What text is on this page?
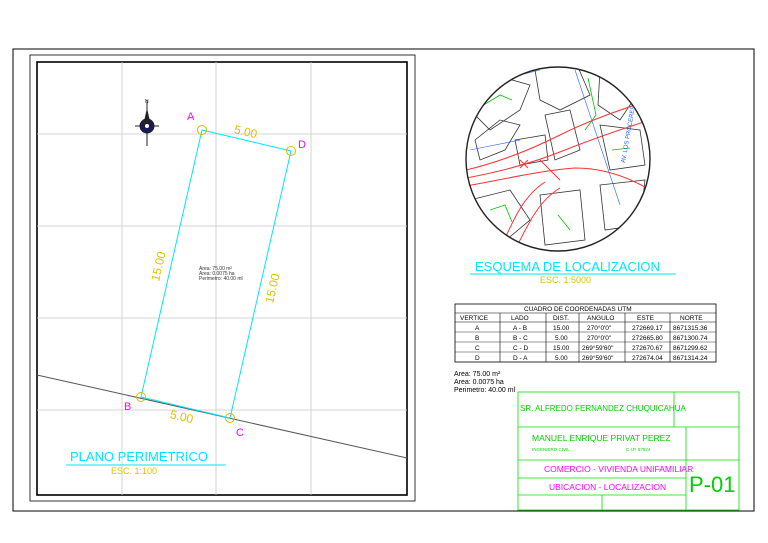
A
D
C
B
5.00
5.00
15.00
15.00
Area: 75.00 m²
Area: 0.0075 ha
Perimetro: 40.00 ml
N
PLANO PERIMETRICO
ESC. 1:100
AV. LOS PROCERES
ESQUEMA DE LOCALIZACION
ESC. 1:5000
CUADRO DE COORDENADAS UTM
VERTICE	LADO	DIST.	ANGULO	ESTE	NORTE
A	A - B	15.00	270°0'0"	272669.17 8671315.36
B	B - C	5.00	270°0'0"	272665.80 8671300.74
C	C - D	15.00 269°59'60"	272670.67 8671299.62
D	D - A	5.00 269°59'60"	272674.04 8671314.24
Area: 75.00 m²
Area: 0.0075 ha
Perimetro: 40.00 ml
SR. ALFREDO FERNANDEZ CHUQUICAHUA
MANUEL ENRIQUE PRIVAT PEREZ
INGENIERO CIVIL	C.I.P. 57524
COMERCIO - VIVIENDA UNIFAMILIAR
UBICACION - LOCALIZACION P-01
